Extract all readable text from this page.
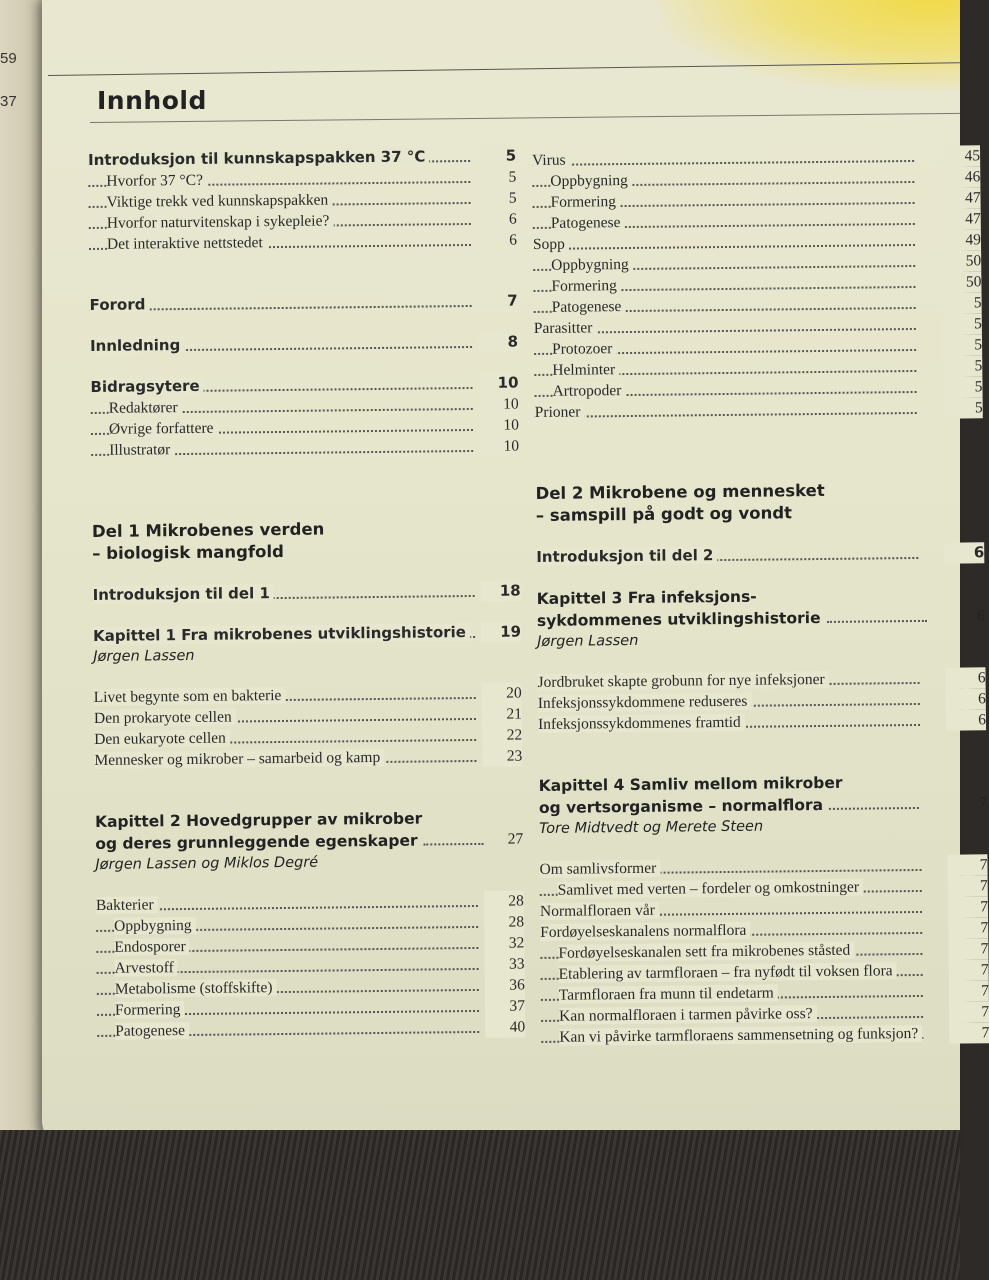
59
37	Innhold
Introduksjon til kunnskapspakken 37 °C	5
Hvorfor 37 °C?	5
Viktige trekk ved kunnskapspakken	5
Hvorfor naturvitenskap i sykepleie?	6
Det interaktive nettstedet	6
Forord	7
Innledning	8
Bidragsytere	10
Redaktører	10
Øvrige forfattere	10
Illustratør	10
Del 1 Mikrobenes verden
– biologisk mangfold
Introduksjon til del 1	18
Kapittel 1 Fra mikrobenes utviklingshistorie	19
Jørgen Lassen
Livet begynte som en bakterie	20
Den prokaryote cellen	21
Den eukaryote cellen	22
Mennesker og mikrober – samarbeid og kamp	23
Kapittel 2 Hovedgrupper av mikrober
og deres grunnleggende egenskaper	27
Jørgen Lassen og Miklos Degré
Bakterier	28
Oppbygning	28
Endosporer	32
Arvestoff	33
Metabolisme (stoffskifte)	36
Formering	37
Patogenese	40
Virus	45
Oppbygning	46
Formering	47
Patogenese	47
Sopp	49
Oppbygning	50
Formering	50
Patogenese	5
Parasitter	5
Protozoer	5
Helminter	5
Artropoder	5
Prioner	5
Del 2 Mikrobene og mennesket
– samspill på godt og vondt
Introduksjon til del 2	6
Kapittel 3 Fra infeksjons-
sykdommenes utviklingshistorie	6
Jørgen Lassen
Jordbruket skapte grobunn for nye infeksjoner	6
Infeksjonssykdommene reduseres	6
Infeksjonssykdommenes framtid	6
Kapittel 4 Samliv mellom mikrober
og vertsorganisme – normalflora	7
Tore Midtvedt og Merete Steen
Om samlivsformer	7
Samlivet med verten – fordeler og omkostninger	7
Normalfloraen vår	7
Fordøyelseskanalens normalflora	7
Fordøyelseskanalen sett fra mikrobenes ståsted	7
Etablering av tarmfloraen – fra nyfødt til voksen flora	7
Tarmfloraen fra munn til endetarm	7
Kan normalfloraen i tarmen påvirke oss?	7
Kan vi påvirke tarmfloraens sammensetning og funksjon?	7
